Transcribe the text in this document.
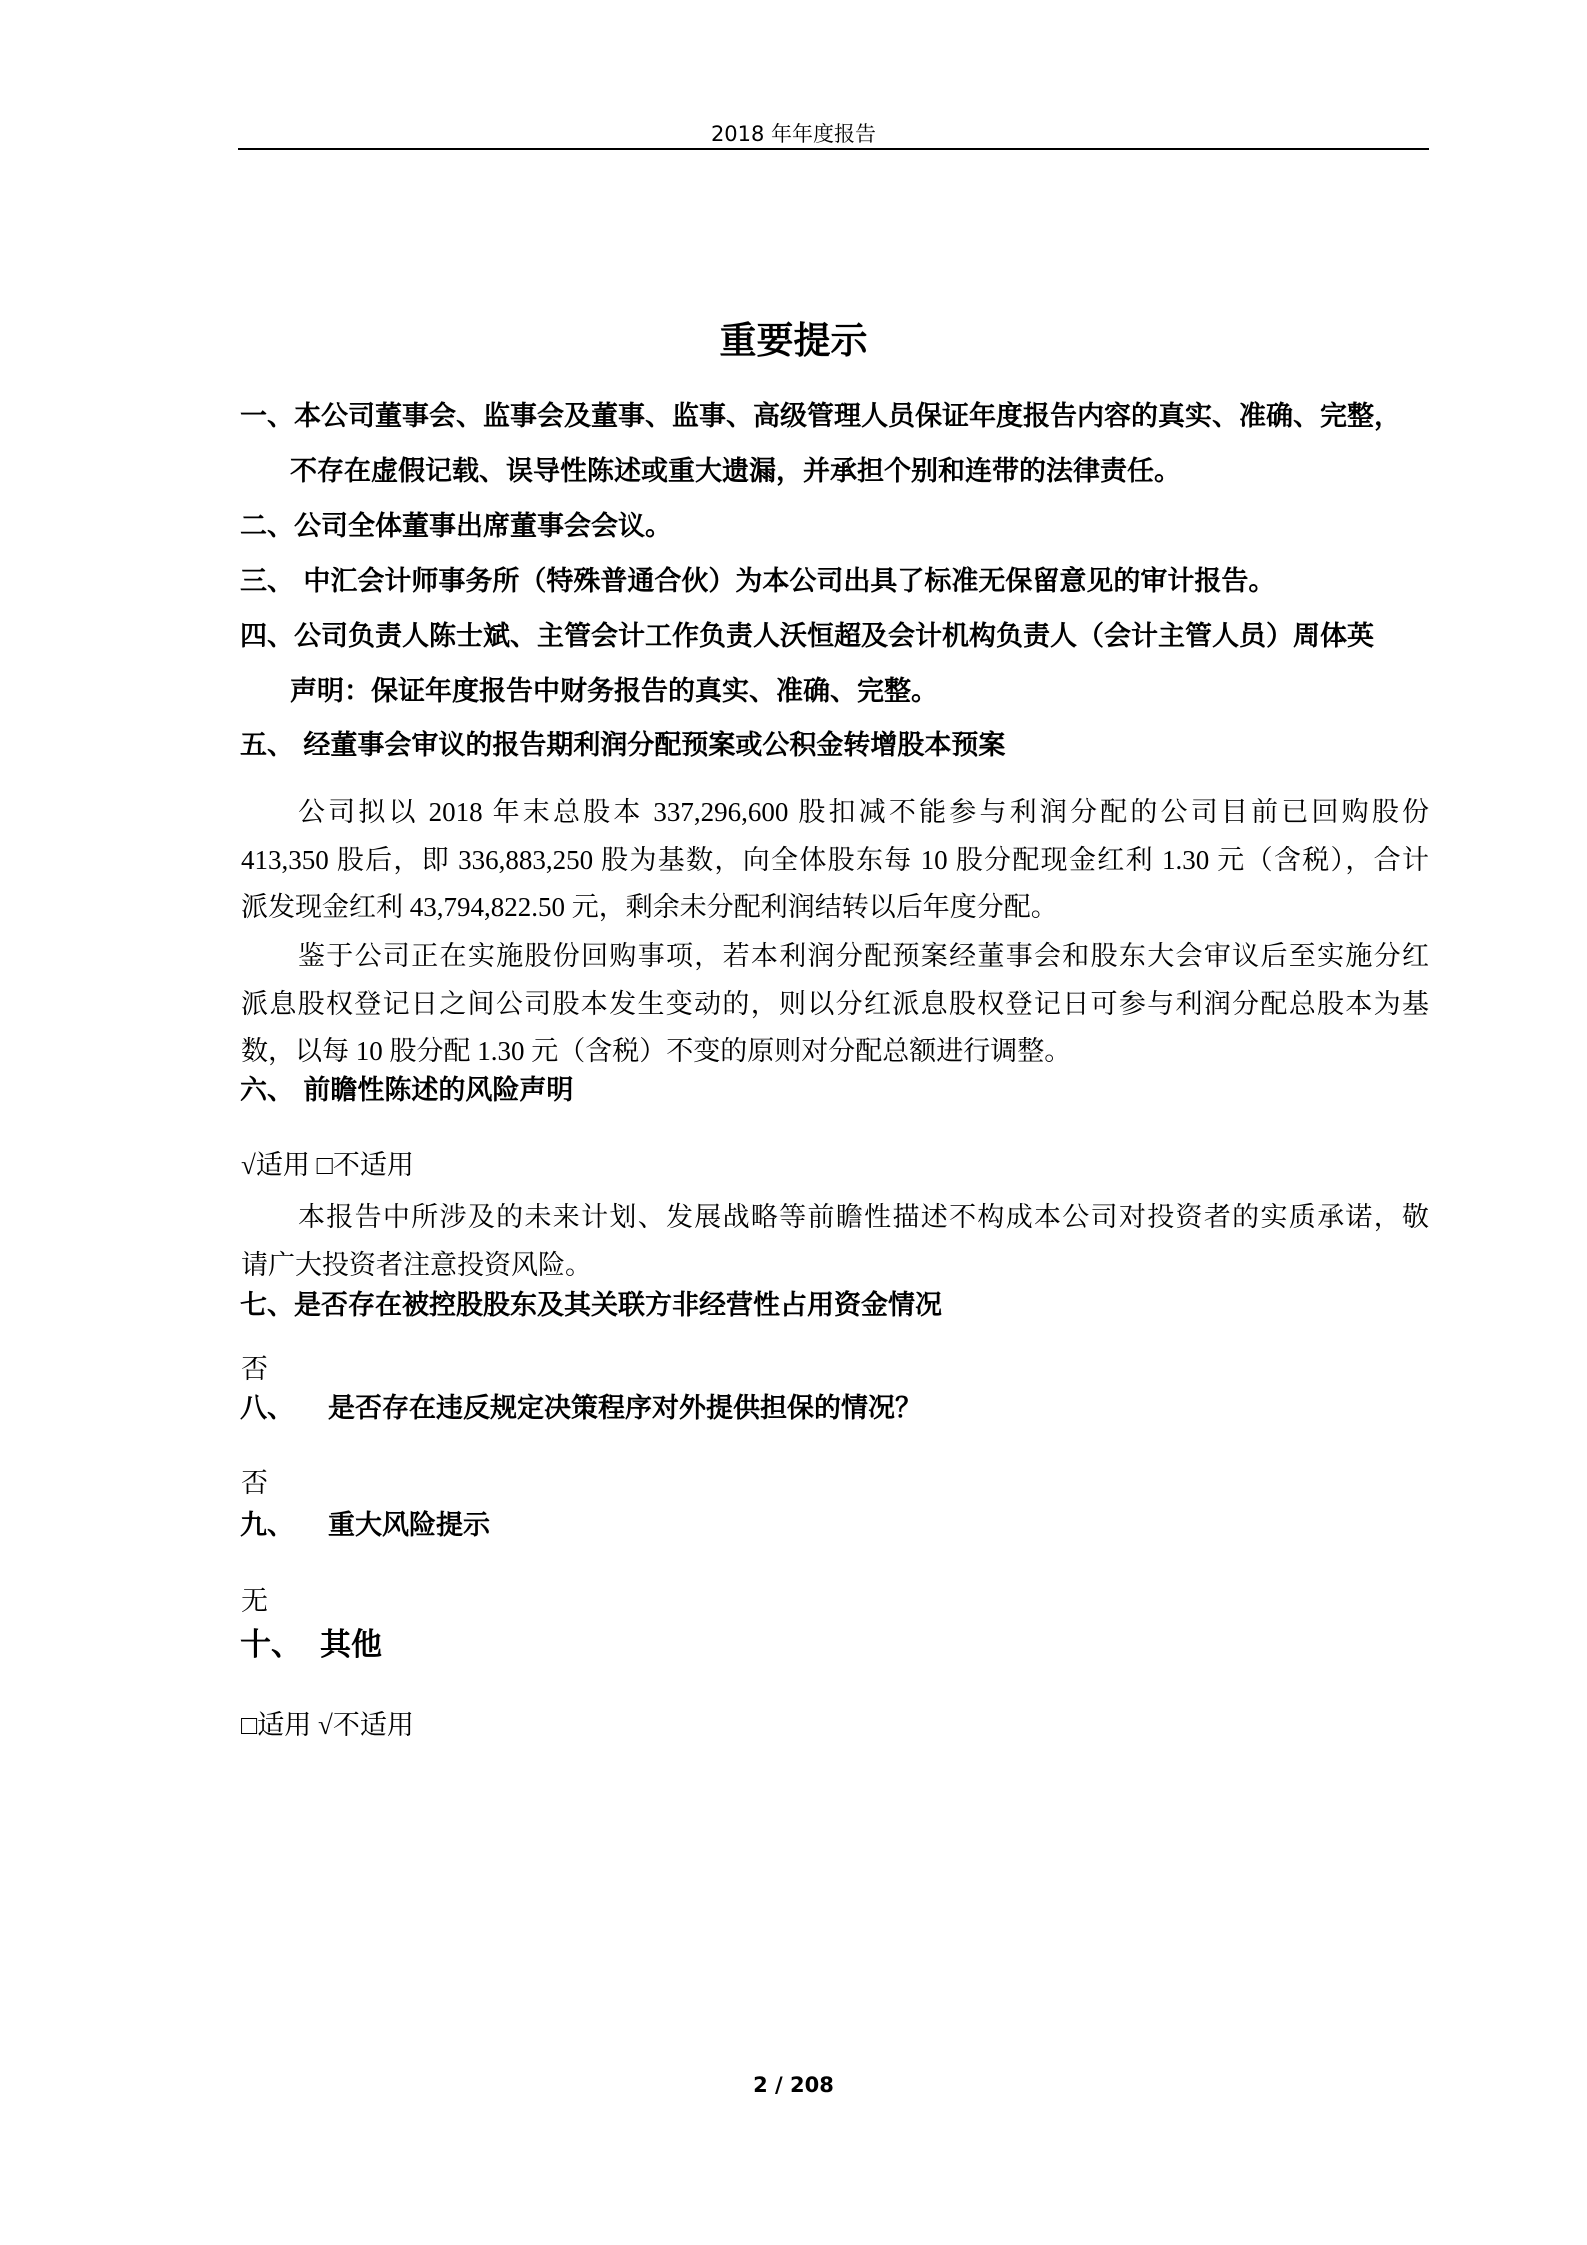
2018 年年度报告
重要提示
一、本公司董事会、监事会及董事、监事、高级管理人员保证年度报告内容的真实、准确、完整，
不存在虚假记载、误导性陈述或重大遗漏，并承担个别和连带的法律责任。
二、公司全体董事出席董事会会议。
三、 中汇会计师事务所（特殊普通合伙）为本公司出具了标准无保留意见的审计报告。
四、公司负责人陈士斌、主管会计工作负责人沃恒超及会计机构负责人（会计主管人员）周体英
声明：保证年度报告中财务报告的真实、准确、完整。
五、 经董事会审议的报告期利润分配预案或公积金转增股本预案
公司拟以 2018 年末总股本 337,296,600 股扣减不能参与利润分配的公司目前已回购股份
413,350 股后，即 336,883,250 股为基数，向全体股东每 10 股分配现金红利 1.30 元（含税），合计
派发现金红利 43,794,822.50 元，剩余未分配利润结转以后年度分配。
鉴于公司正在实施股份回购事项，若本利润分配预案经董事会和股东大会审议后至实施分红
派息股权登记日之间公司股本发生变动的，则以分红派息股权登记日可参与利润分配总股本为基
数，以每 10 股分配 1.30 元（含税）不变的原则对分配总额进行调整。
六、 前瞻性陈述的风险声明
√适用 □不适用
本报告中所涉及的未来计划、发展战略等前瞻性描述不构成本公司对投资者的实质承诺，敬
请广大投资者注意投资风险。
七、是否存在被控股股东及其关联方非经营性占用资金情况
否
八、 是否存在违反规定决策程序对外提供担保的情况？
否
九、 重大风险提示
无
十、 其他
□适用 √不适用
2 / 208
